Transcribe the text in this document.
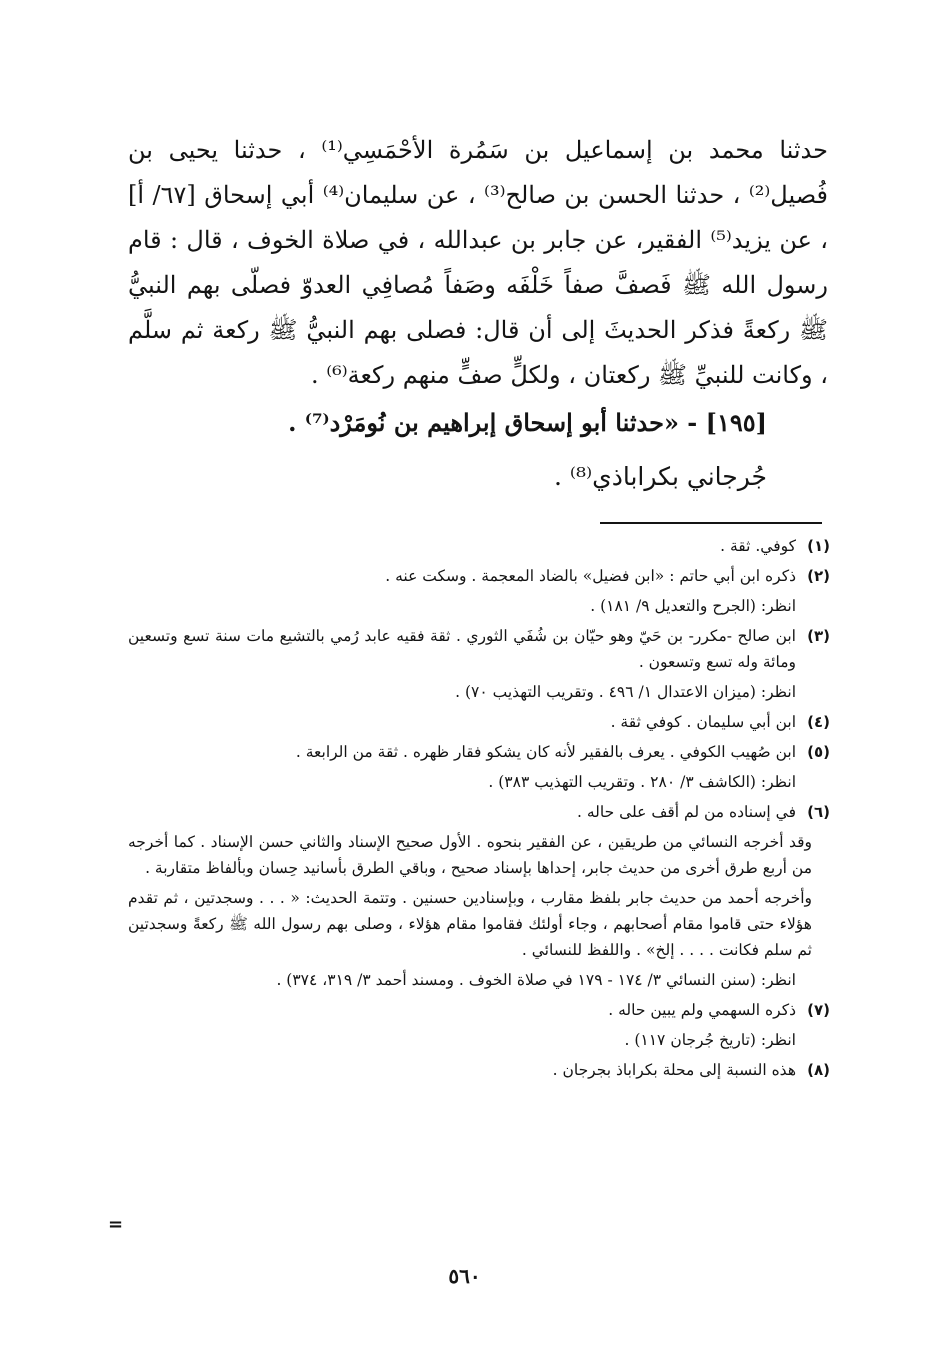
حدثنا محمد بن إسماعيل بن سَمُرة الأحْمَسِي⁽¹⁾ ، حدثنا يحيى بن فُصيل⁽²⁾ ، حدثنا الحسن بن صالح⁽³⁾ ، عن سليمان⁽⁴⁾ أبي إسحاق [٦٧/ أ] ، عن يزيد⁽⁵⁾ الفقير، عن جابر بن عبدالله ، في صلاة الخوف ، قال : قام رسول الله ﷺ فَصفَّ صفاً خَلْفَه وصَفاً مُصافِي العدوّ فصلّى بهم النبيُّ ﷺ ركعةً فذكر الحديثَ إلى أن قال: فصلى بهم النبيُّ ﷺ ركعة ثم سلَّم ، وكانت للنبيِّ ﷺ ركعتان ، ولكلٍّ صفٍّ منهم ركعة⁽⁶⁾ .

[١٩٥] - «حدثنا أبو إسحاق إبراهيم بن نُومَرْد⁽⁷⁾ .
جُرجاني بكراباذي⁽⁸⁾ .
(١)

كوفي. ثقة .

(٢)

ذكره ابن أبي حاتم : «ابن فضيل» بالضاد المعجمة . وسكت عنه .

انظر: (الجرح والتعديل ٩/ ١٨١) .
(٣)

ابن صالح -مكرر- بن حَيّ وهو حيّان بن شُفَي الثوري . ثقة فقيه عابد رُمي بالتشيع مات سنة تسع وتسعين ومائة وله تسع وتسعون .

انظر: (ميزان الاعتدال ١/ ٤٩٦ . وتقريب التهذيب ٧٠) .
(٤)

ابن أبي سليمان . كوفي ثقة .

(٥)

ابن صُهيب الكوفي . يعرف بالفقير لأنه كان يشكو فقار ظهره . ثقة من الرابعة .

انظر: (الكاشف ٣/ ٢٨٠ . وتقريب التهذيب ٣٨٣) .
(٦)

في إسناده من لم أقف على حاله .

وقد أخرجه النسائي من طريقين ، عن الفقير بنحوه . الأول صحيح الإسناد والثاني حسن الإسناد . كما أخرجه من أربع طرق أخرى من حديث جابر، إحداها بإسناد صحيح ، وباقي الطرق بأسانيد حِسان وبألفاظ متقاربة .
وأخرجه أحمد من حديث جابر بلفظ مقارب ، وبإسنادين حسنين . وتتمة الحديث: « . . . وسجدتين ، ثم تقدم هؤلاء حتى قاموا مقام أصحابهم ، وجاء أولئك فقاموا مقام هؤلاء ، وصلى بهم رسول الله ﷺ ركعةً وسجدتين ثم سلم فكانت . . . . إلخ» . واللفظ للنسائي .
انظر: (سنن النسائي ٣/ ١٧٤ - ١٧٩ في صلاة الخوف . ومسند أحمد ٣/ ٣١٩، ٣٧٤) .
(٧)

ذكره السهمي ولم يبين حاله .

انظر: (تاريخ جُرجان ١١٧) .
(٨)

هذه النسبة إلى محلة بكراباذ بجرجان .

=
٥٦٠
